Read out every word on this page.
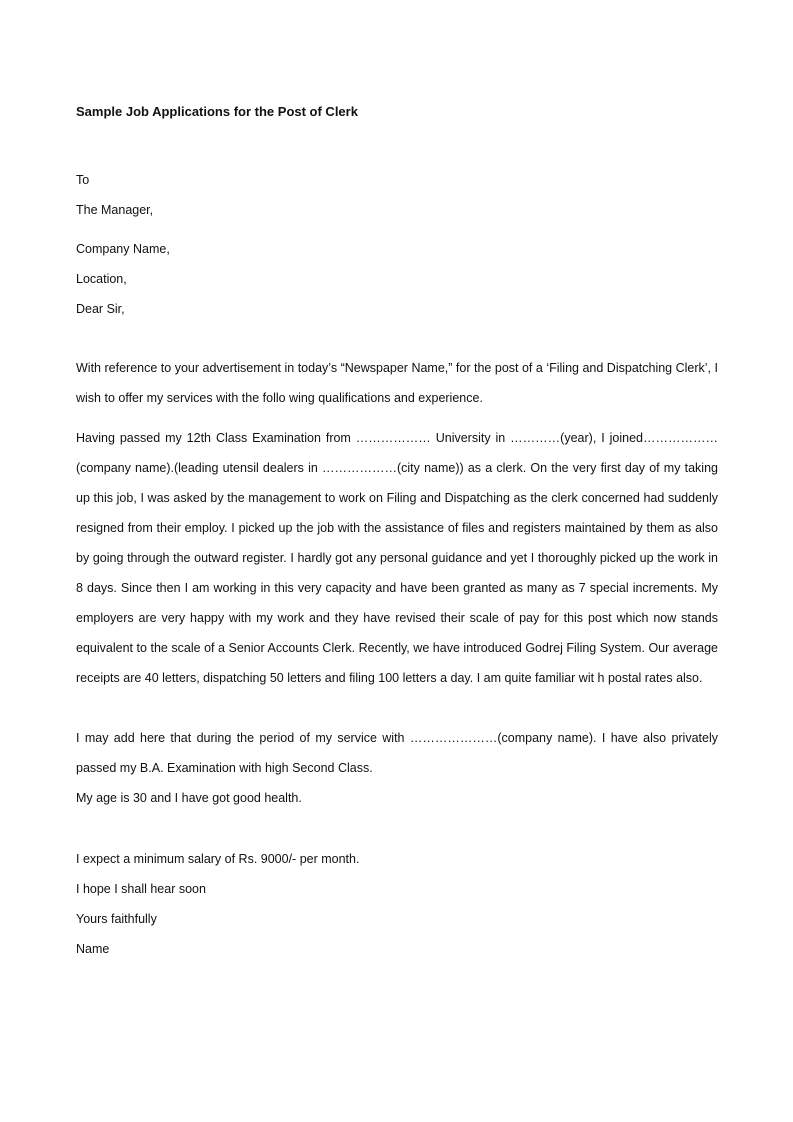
Sample Job Applications for the Post of Clerk
To
The Manager,
Company Name,
Location,
Dear Sir,
With reference to your advertisement in today’s “Newspaper Name,” for the post of a ‘Filing and Dispatching Clerk’, I wish to offer my services with the follo wing qualifications and experience.
Having passed my 12th Class Examination from ……………… University in …………(year), I joined………………(company name).(leading utensil dealers in ………………(city name)) as a clerk. On the very first day of my taking up this job, I was asked by the management to work on Filing and Dispatching as the clerk concerned had suddenly resigned from their employ. I picked up the job with the assistance of files and registers maintained by them as also by going through the outward register. I hardly got any personal guidance and yet I thoroughly picked up the work in 8 days. Since then I am working in this very capacity and have been granted as many as 7 special increments. My employers are very happy with my work and they have revised their scale of pay for this post which now stands equivalent to the scale of a Senior Accounts Clerk. Recently, we have introduced Godrej Filing System. Our average receipts are 40 letters, dispatching 50 letters and filing 100 letters a day. I am quite familiar wit h postal rates also.
I may add here that during the period of my service with …………………(company name). I have also privately passed my B.A. Examination with high Second Class.
My age is 30 and I have got good health.
I expect a minimum salary of Rs. 9000/- per month.
I hope I shall hear soon
Yours faithfully
Name
